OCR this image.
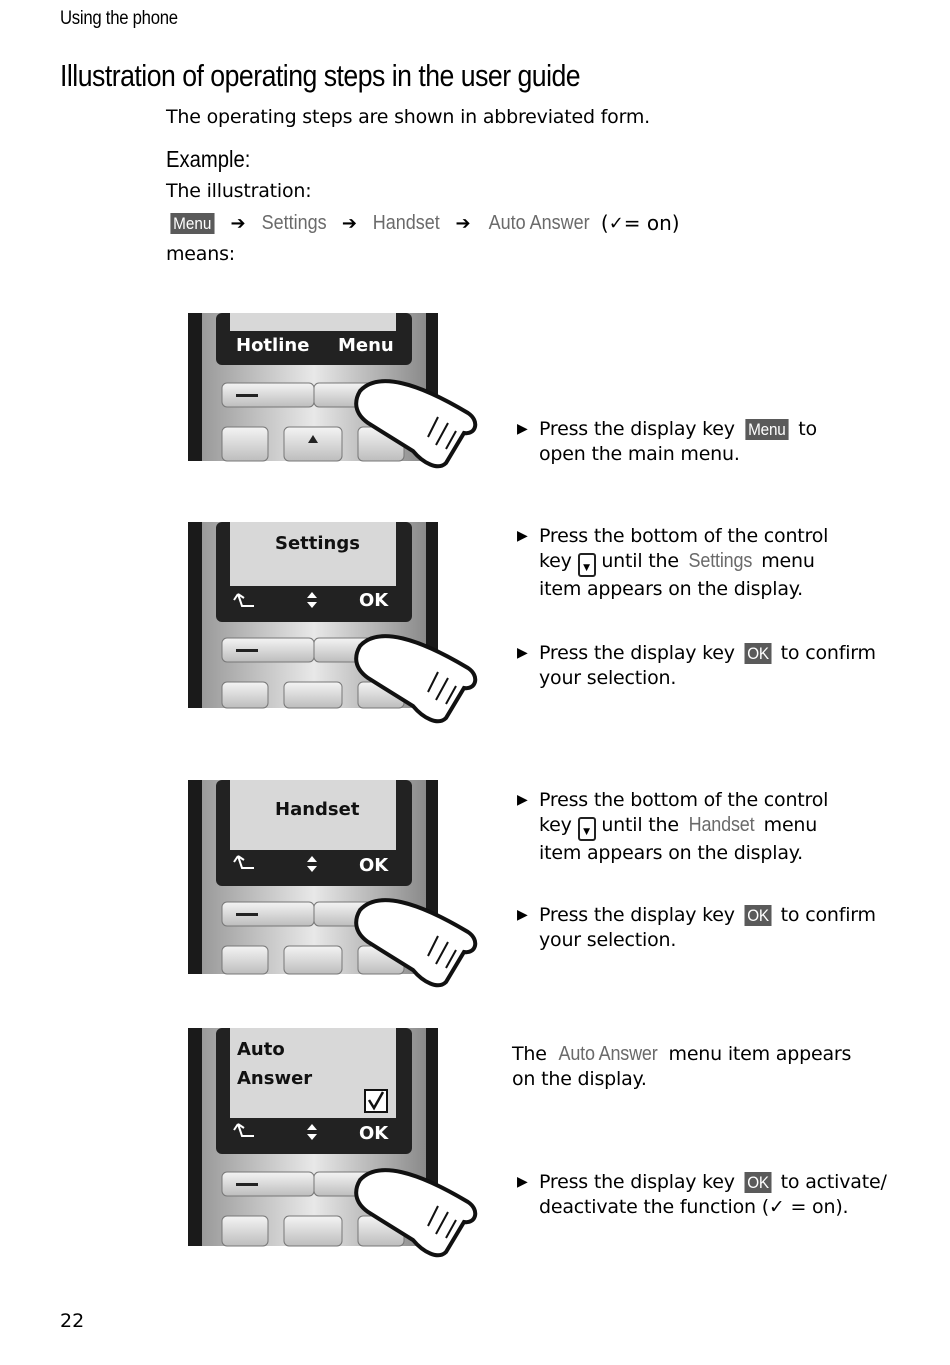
Using the phone
Illustration of operating steps in the user guide
The operating steps are shown in abbreviated form.
Example:
The illustration:
Menu ➔ Settings ➔ Handset ➔ Auto Answer ( ✓ = on)
means:
Hotline Menu
▶ Press the display key Menu to
open the main menu.
Settings
OK
▶ Press the bottom of the control
key ▼ until the Settings menu
item appears on the display.
▶ Press the display key OK to confirm
your selection.
Handset
OK
▶ Press the bottom of the control
key ▼ until the Handset menu
item appears on the display.
▶ Press the display key OK to confirm
your selection.
Auto
Answer
OK
The Auto Answer menu item appears
on the display.
▶ Press the display key OK to activate/
deactivate the function (✓ = on).
22
